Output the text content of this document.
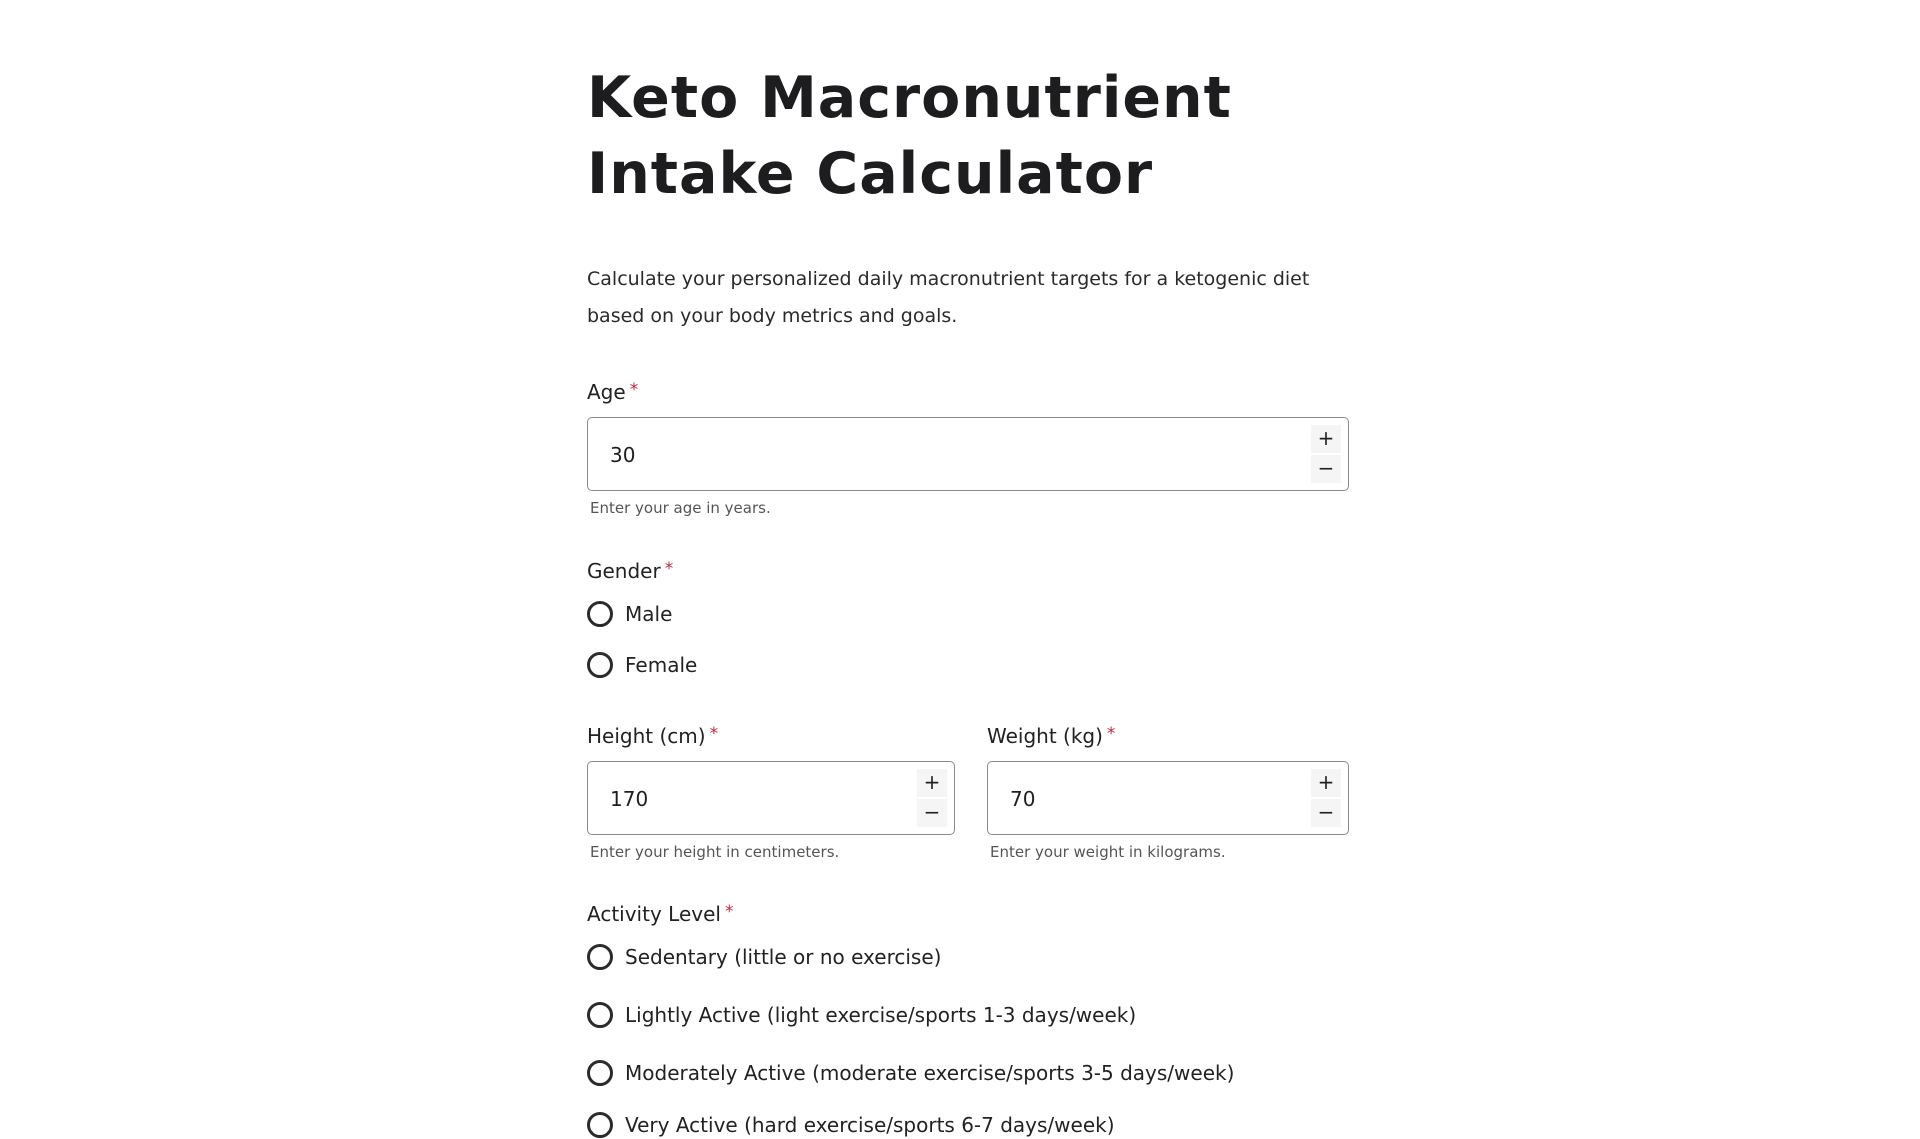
Keto Macronutrient
Intake Calculator

Calculate your personalized daily macronutrient targets for a ketogenic diet
based on your body metrics and goals.

Age *
30
+
−
Enter your age in years.
Gender *
Male
Female
Height (cm) *
170
+
−
Enter your height in centimeters.
Weight (kg) *
70
+
−
Enter your weight in kilograms.
Activity Level *
Sedentary (little or no exercise)
Lightly Active (light exercise/sports 1-3 days/week)
Moderately Active (moderate exercise/sports 3-5 days/week)
Very Active (hard exercise/sports 6-7 days/week)
